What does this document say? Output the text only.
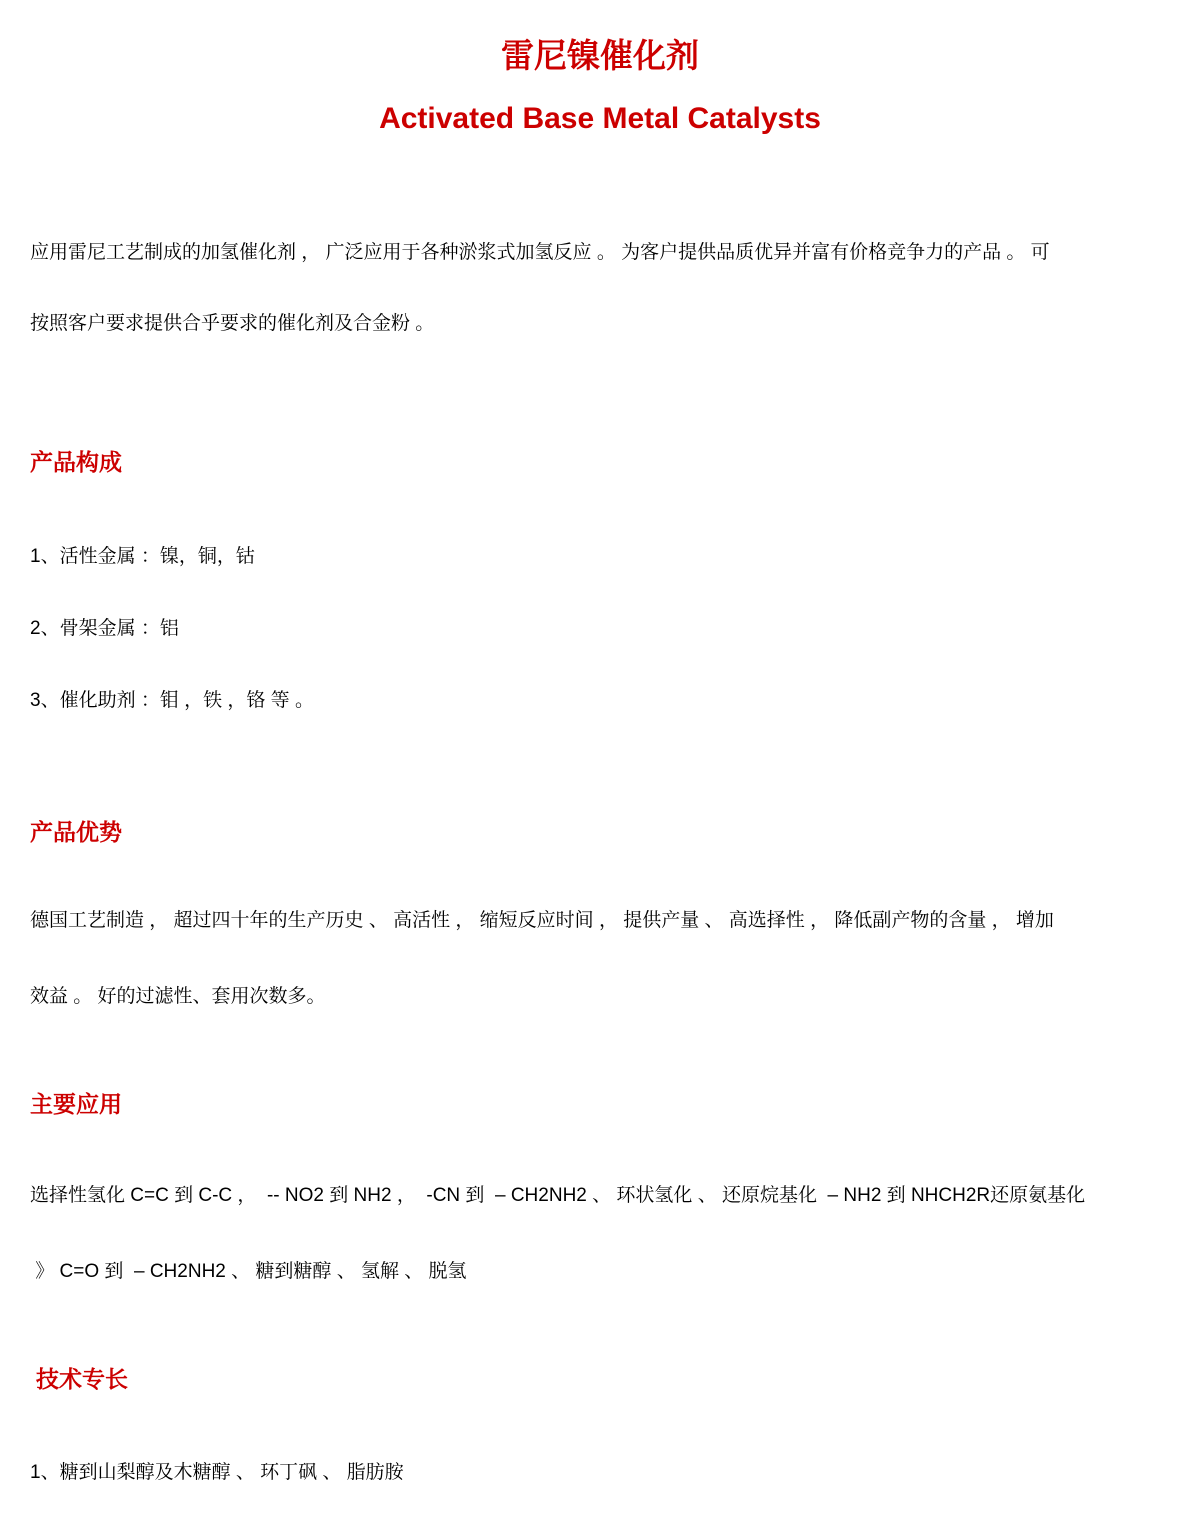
雷尼镍催化剂
Activated Base Metal Catalysts

应用雷尼工艺制成的加氢催化剂 ， 广泛应用于各种淤浆式加氢反应 。 为客户提供品质优异并富有价格竞争力的产品 。 可

按照客户要求提供合乎要求的催化剂及合金粉 。

产品构成

1、活性金属 ：镍，铜，钴

2、骨架金属 ：铝

3、催化助剂 ：钼 ，铁 ，铬 等 。

产品优势

德国工艺制造 ， 超过四十年的生产历史 、 高活性 ， 缩短反应时间 ， 提供产量 、 高选择性 ， 降低副产物的含量 ， 增加

效益 。 好的过滤性、套用次数多。

主要应用

选择性氢化 C=C 到 C-C ，  -- NO2 到 NH2 ，  -CN 到  – CH2NH2 、 环状氢化 、 还原烷基化  – NH2 到 NHCH2R还原氨基化

》 C=O 到  – CH2NH2 、 糖到糖醇 、 氢解 、 脱氢

技术专长

1、糖到山梨醇及木糖醇 、 环丁砜 、 脂肪胺
